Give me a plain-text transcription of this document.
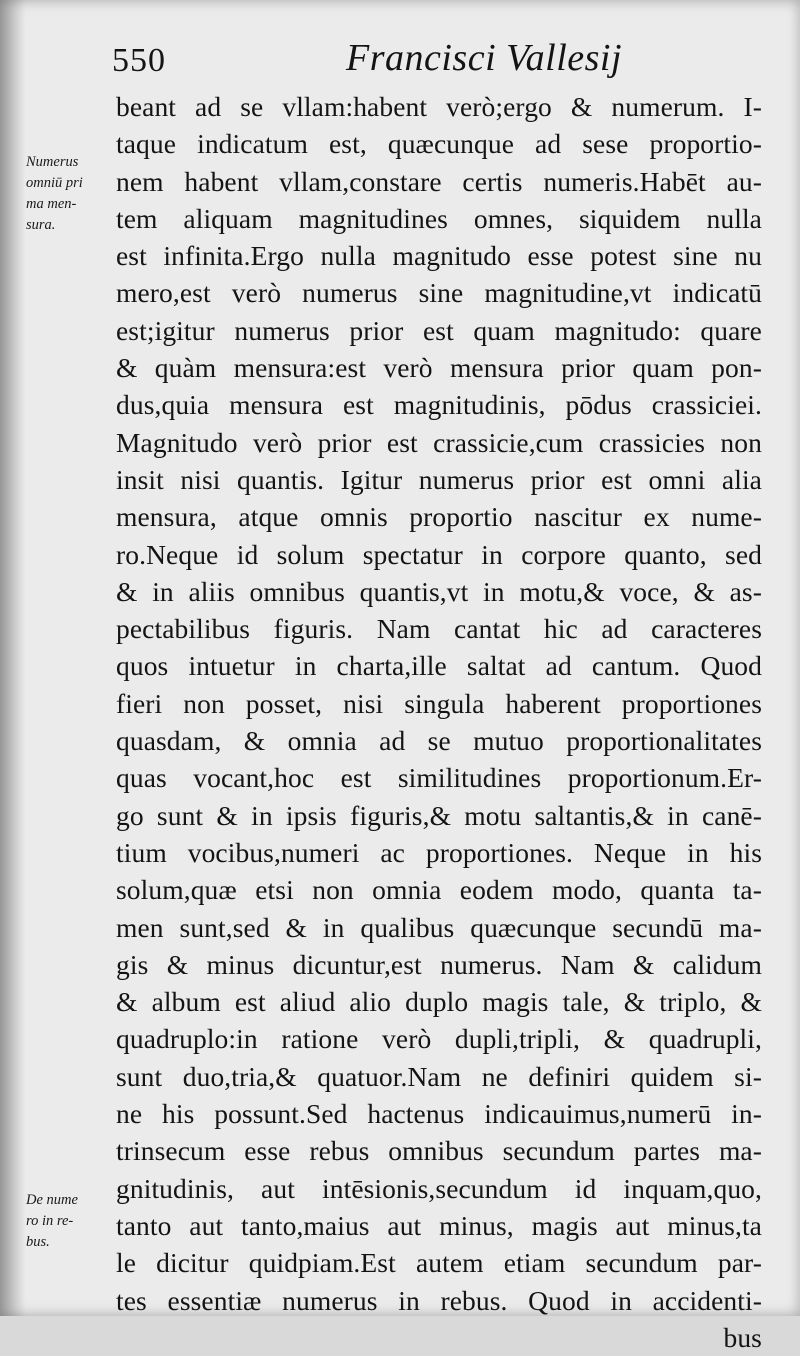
550	Francisci Vallesij
Numerus
omniū pri
ma men-
sura.
De nume
ro in re-
bus.
beant ad se vllam:habent verò;ergo & numerum. I-
taque indicatum est, quæcunque ad sese proportio-
nem habent vllam,constare certis numeris.Habēt au-
tem aliquam magnitudines omnes, siquidem nulla
est infinita.Ergo nulla magnitudo esse potest sine nu
mero,est verò numerus sine magnitudine,vt indicatū
est;igitur numerus prior est quam magnitudo: quare
& quàm mensura:est verò mensura prior quam pon-
dus,quia mensura est magnitudinis, pōdus crassiciei.
Magnitudo verò prior est crassicie,cum crassicies non
insit nisi quantis. Igitur numerus prior est omni alia
mensura, atque omnis proportio nascitur ex nume-
ro.Neque id solum spectatur in corpore quanto, sed
& in aliis omnibus quantis,vt in motu,& voce, & as-
pectabilibus figuris. Nam cantat hic ad caracteres
quos intuetur in charta,ille saltat ad cantum. Quod
fieri non posset, nisi singula haberent proportiones
quasdam, & omnia ad se mutuo proportionalitates
quas vocant,hoc est similitudines proportionum.Er-
go sunt & in ipsis figuris,& motu saltantis,& in canē-
tium vocibus,numeri ac proportiones. Neque in his
solum,quæ etsi non omnia eodem modo, quanta ta-
men sunt,sed & in qualibus quæcunque secundū ma-
gis & minus dicuntur,est numerus. Nam & calidum
& album est aliud alio duplo magis tale, & triplo, &
quadruplo:in ratione verò dupli,tripli, & quadrupli,
sunt duo,tria,& quatuor.Nam ne definiri quidem si-
ne his possunt.Sed hactenus indicauimus,numerū in-
trinsecum esse rebus omnibus secundum partes ma-
gnitudinis, aut intēsionis,secundum id inquam,quo,
tanto aut tanto,maius aut minus, magis aut minus,ta
le dicitur quidpiam.Est autem etiam secundum par-
tes essentiæ numerus in rebus. Quod in accidenti-
bus
